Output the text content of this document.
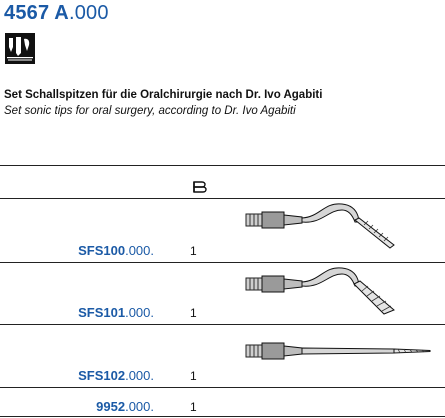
4567 A.000
Set Schallspitzen für die Oralchirurgie nach Dr. Ivo Agabiti
Set sonic tips for oral surgery, according to Dr. Ivo Agabiti
SFS100.000.	1
SFS101.000.	1
SFS102.000.	1
9952.000.	1
